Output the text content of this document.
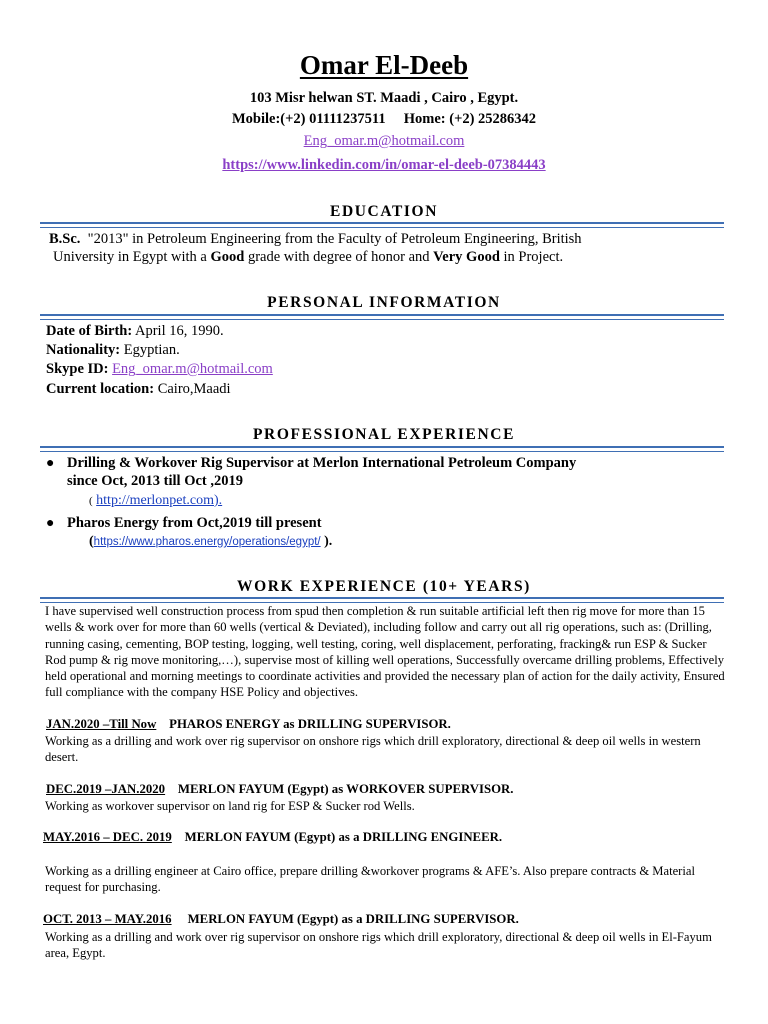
Omar El-Deeb
103 Misr helwan ST. Maadi , Cairo , Egypt.
Mobile:(+2) 01111237511 Home: (+2) 25286342
Eng_omar.m@hotmail.com
https://www.linkedin.com/in/omar-el-deeb-07384443
EDUCATION
B.Sc. "2013" in Petroleum Engineering from the Faculty of Petroleum Engineering, British
University in Egypt with a Good grade with degree of honor and Very Good in Project.
PERSONAL INFORMATION
Date of Birth: April 16, 1990.
Nationality: Egyptian.
Skype ID: Eng_omar.m@hotmail.com
Current location: Cairo,Maadi
PROFESSIONAL EXPERIENCE
● Drilling & Workover Rig Supervisor at Merlon International Petroleum Company
since Oct, 2013 till Oct ,2019
( http://merlonpet.com).
● Pharos Energy from Oct,2019 till present
(https://www.pharos.energy/operations/egypt/ ).
WORK EXPERIENCE (10+ YEARS)
I have supervised well construction process from spud then completion & run suitable artificial left then rig move for more than 15 wells & work over for more than 60 wells (vertical & Deviated), including follow and carry out all rig operations, such as: (Drilling, running casing, cementing, BOP testing, logging, well testing, coring, well displacement, perforating, fracking& run ESP & Sucker Rod pump & rig move monitoring,…), supervise most of killing well operations, Successfully overcame drilling problems, Effectively held operational and morning meetings to coordinate activities and provided the necessary plan of action for the daily activity, Ensured full compliance with the company HSE Policy and objectives.
JAN.2020 –Till Now PHAROS ENERGY as DRILLING SUPERVISOR.
Working as a drilling and work over rig supervisor on onshore rigs which drill exploratory, directional & deep oil wells in western desert.
DEC.2019 –JAN.2020 MERLON FAYUM (Egypt) as WORKOVER SUPERVISOR.
Working as workover supervisor on land rig for ESP & Sucker rod Wells.
MAY.2016 – DEC. 2019 MERLON FAYUM (Egypt) as a DRILLING ENGINEER.
Working as a drilling engineer at Cairo office, prepare drilling &workover programs & AFE’s. Also prepare contracts & Material request for purchasing.
OCT. 2013 – MAY.2016 MERLON FAYUM (Egypt) as a DRILLING SUPERVISOR.
Working as a drilling and work over rig supervisor on onshore rigs which drill exploratory, directional & deep oil wells in El-Fayum area, Egypt.
